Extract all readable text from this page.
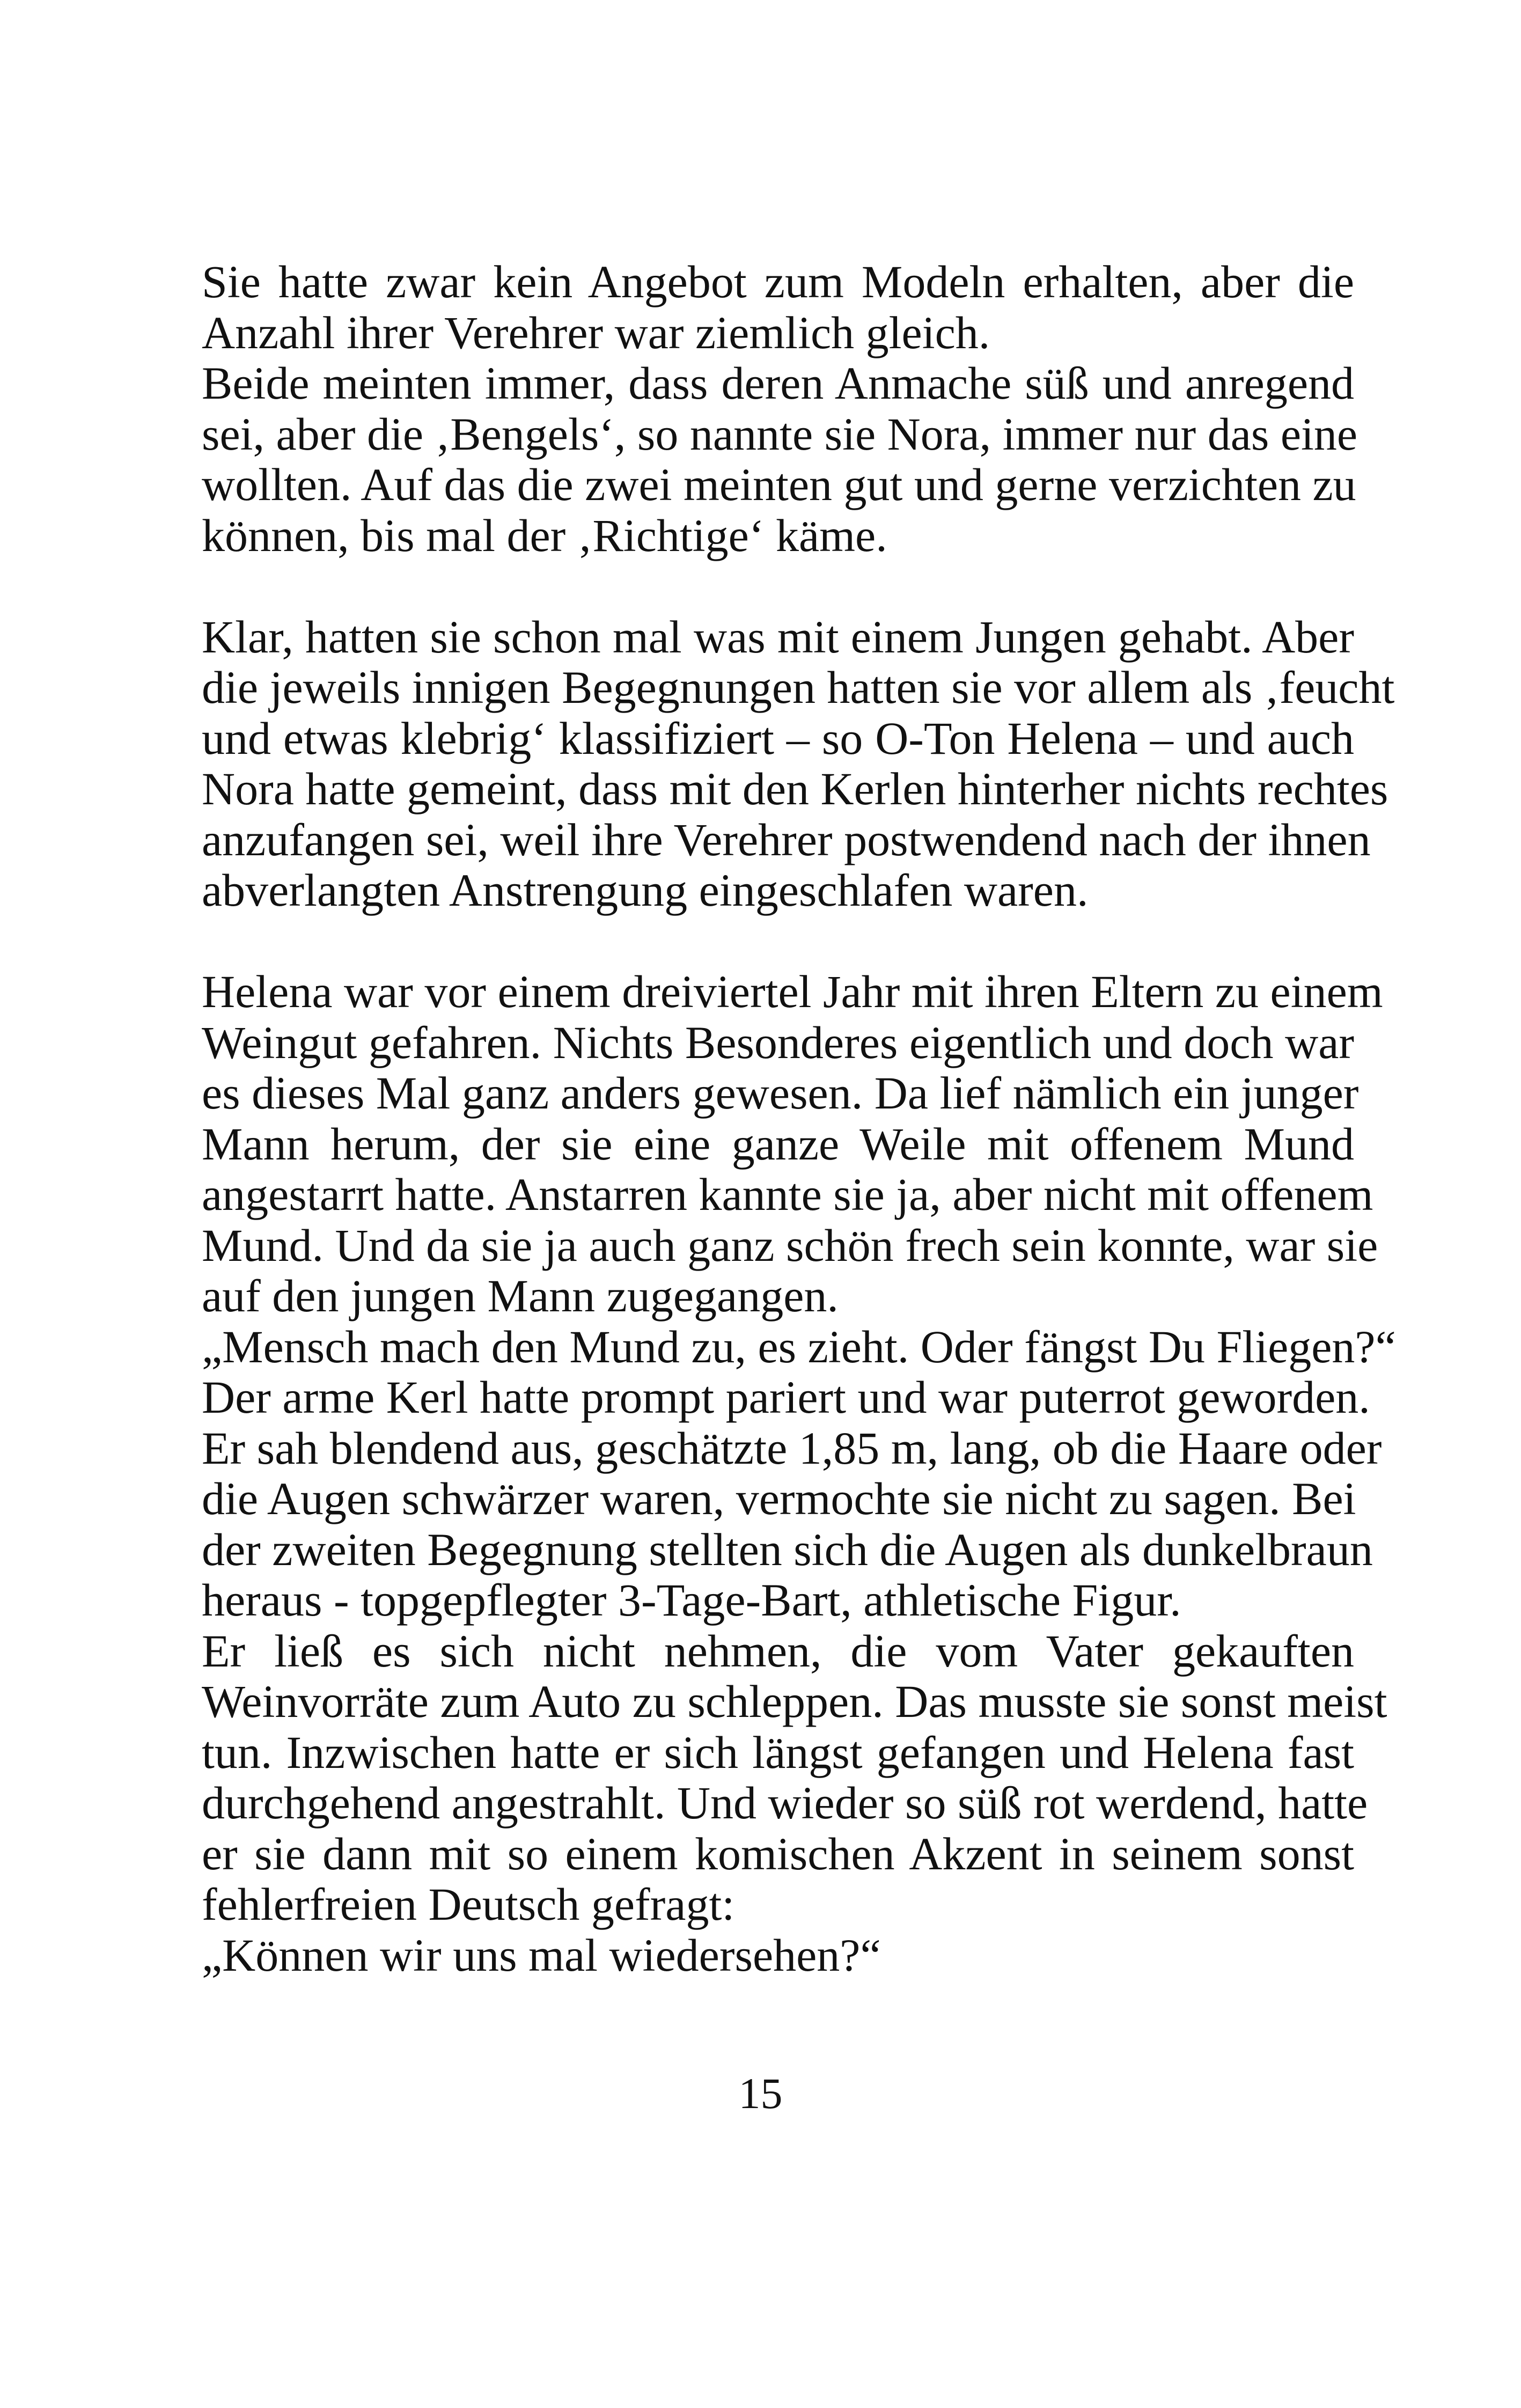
Sie hatte zwar kein Angebot zum Modeln erhalten, aber die
Anzahl ihrer Verehrer war ziemlich gleich.
Beide meinten immer, dass deren Anmache süß und anregend
sei, aber die ‚Bengels‘, so nannte sie Nora, immer nur das eine
wollten. Auf das die zwei meinten gut und gerne verzichten zu
können, bis mal der ‚Richtige‘ käme.
Klar, hatten sie schon mal was mit einem Jungen gehabt. Aber
die jeweils innigen Begegnungen hatten sie vor allem als ‚feucht
und etwas klebrig‘ klassifiziert – so O-Ton Helena – und auch
Nora hatte gemeint, dass mit den Kerlen hinterher nichts rechtes
anzufangen sei, weil ihre Verehrer postwendend nach der ihnen
abverlangten Anstrengung eingeschlafen waren.
Helena war vor einem dreiviertel Jahr mit ihren Eltern zu einem
Weingut gefahren. Nichts Besonderes eigentlich und doch war
es dieses Mal ganz anders gewesen. Da lief nämlich ein junger
Mann herum, der sie eine ganze Weile mit offenem Mund
angestarrt hatte. Anstarren kannte sie ja, aber nicht mit offenem
Mund. Und da sie ja auch ganz schön frech sein konnte, war sie
auf den jungen Mann zugegangen.
„Mensch mach den Mund zu, es zieht. Oder fängst Du Fliegen?“
Der arme Kerl hatte prompt pariert und war puterrot geworden.
Er sah blendend aus, geschätzte 1,85 m, lang, ob die Haare oder
die Augen schwärzer waren, vermochte sie nicht zu sagen. Bei
der zweiten Begegnung stellten sich die Augen als dunkelbraun
heraus - topgepflegter 3-Tage-Bart, athletische Figur.
Er ließ es sich nicht nehmen, die vom Vater gekauften
Weinvorräte zum Auto zu schleppen. Das musste sie sonst meist
tun. Inzwischen hatte er sich längst gefangen und Helena fast
durchgehend angestrahlt. Und wieder so süß rot werdend, hatte
er sie dann mit so einem komischen Akzent in seinem sonst
fehlerfreien Deutsch gefragt:
„Können wir uns mal wiedersehen?“
15
